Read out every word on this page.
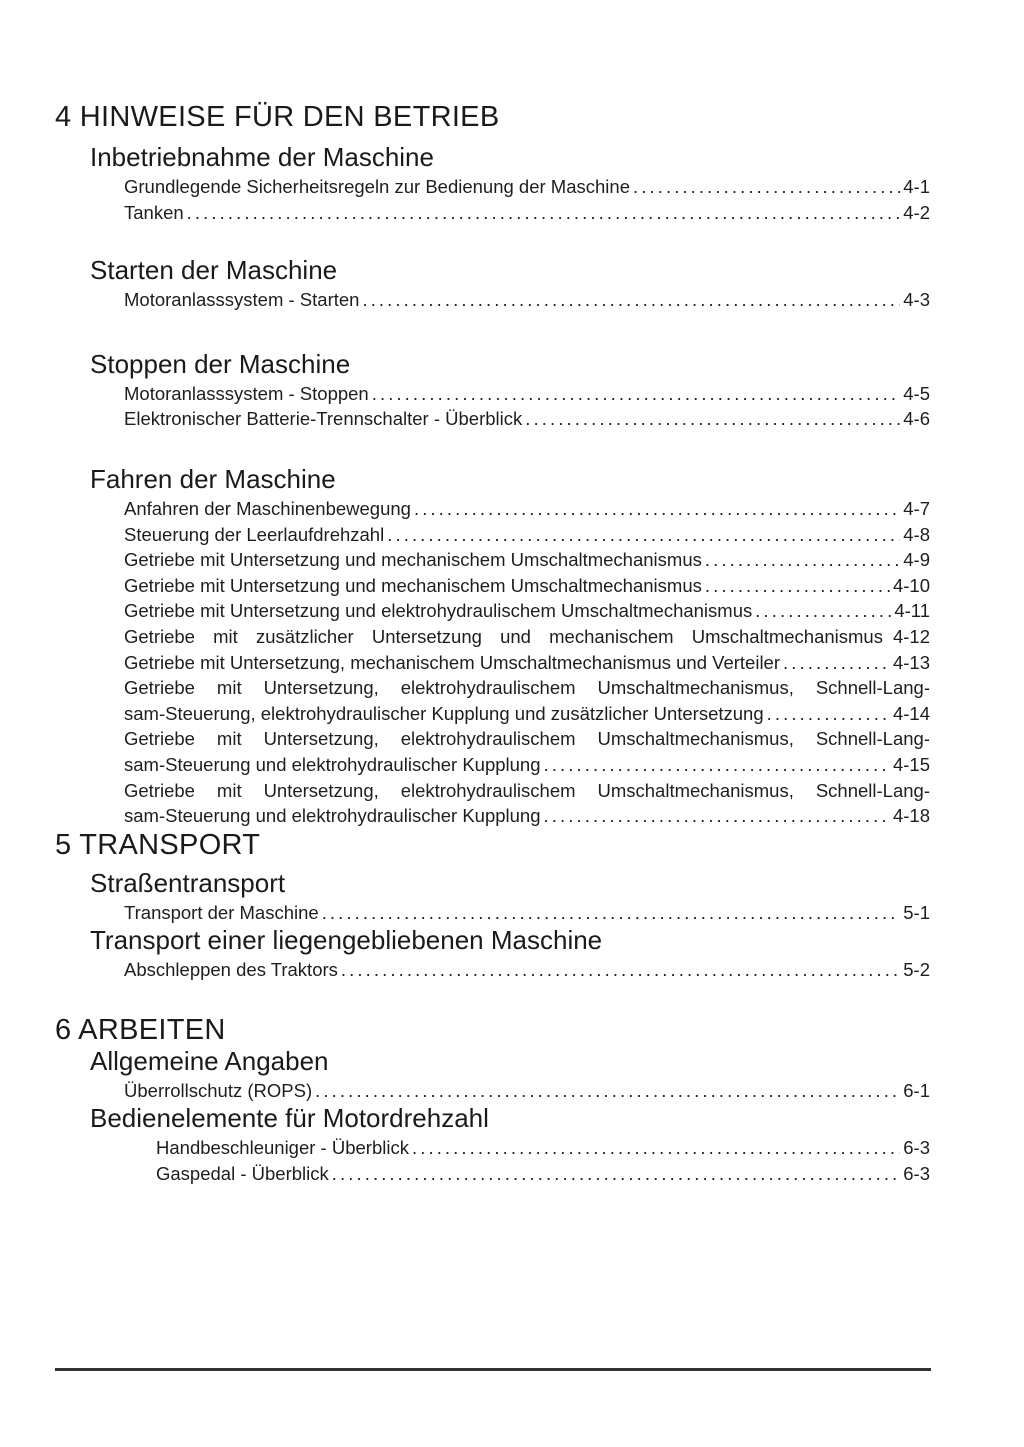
4 HINWEISE FÜR DEN BETRIEB
Inbetriebnahme der Maschine
Grundlegende Sicherheitsregeln zur Bedienung der Maschine .....	4-1
Tanken .....	4-2
Starten der Maschine
Motoranlasssystem - Starten .....	4-3
Stoppen der Maschine
Motoranlasssystem - Stoppen .....	4-5
Elektronischer Batterie-Trennschalter - Überblick .....	4-6
Fahren der Maschine
Anfahren der Maschinenbewegung .....	4-7
Steuerung der Leerlaufdrehzahl .....	4-8
Getriebe mit Untersetzung und mechanischem Umschaltmechanismus .....	4-9
Getriebe mit Untersetzung und mechanischem Umschaltmechanismus .....	4-10
Getriebe mit Untersetzung und elektrohydraulischem Umschaltmechanismus .....	4-11
Getriebe mit zusätzlicher Untersetzung und mechanischem Umschaltmechanismus 4-12
Getriebe mit Untersetzung, mechanischem Umschaltmechanismus und Verteiler .....	4-13
Getriebe mit Untersetzung, elektrohydraulischem Umschaltmechanismus, Schnell-Lang-
sam-Steuerung, elektrohydraulischer Kupplung und zusätzlicher Untersetzung .....	4-14
Getriebe mit Untersetzung, elektrohydraulischem Umschaltmechanismus, Schnell-Lang-
sam-Steuerung und elektrohydraulischer Kupplung .....	4-15
Getriebe mit Untersetzung, elektrohydraulischem Umschaltmechanismus, Schnell-Lang-
sam-Steuerung und elektrohydraulischer Kupplung .....	4-18
5 TRANSPORT
Straßentransport
Transport der Maschine .....	5-1
Transport einer liegengebliebenen Maschine
Abschleppen des Traktors .....	5-2
6 ARBEITEN
Allgemeine Angaben
Überrollschutz (ROPS) .....	6-1
Bedienelemente für Motordrehzahl
Handbeschleuniger - Überblick .....	6-3
Gaspedal - Überblick .....	6-3
